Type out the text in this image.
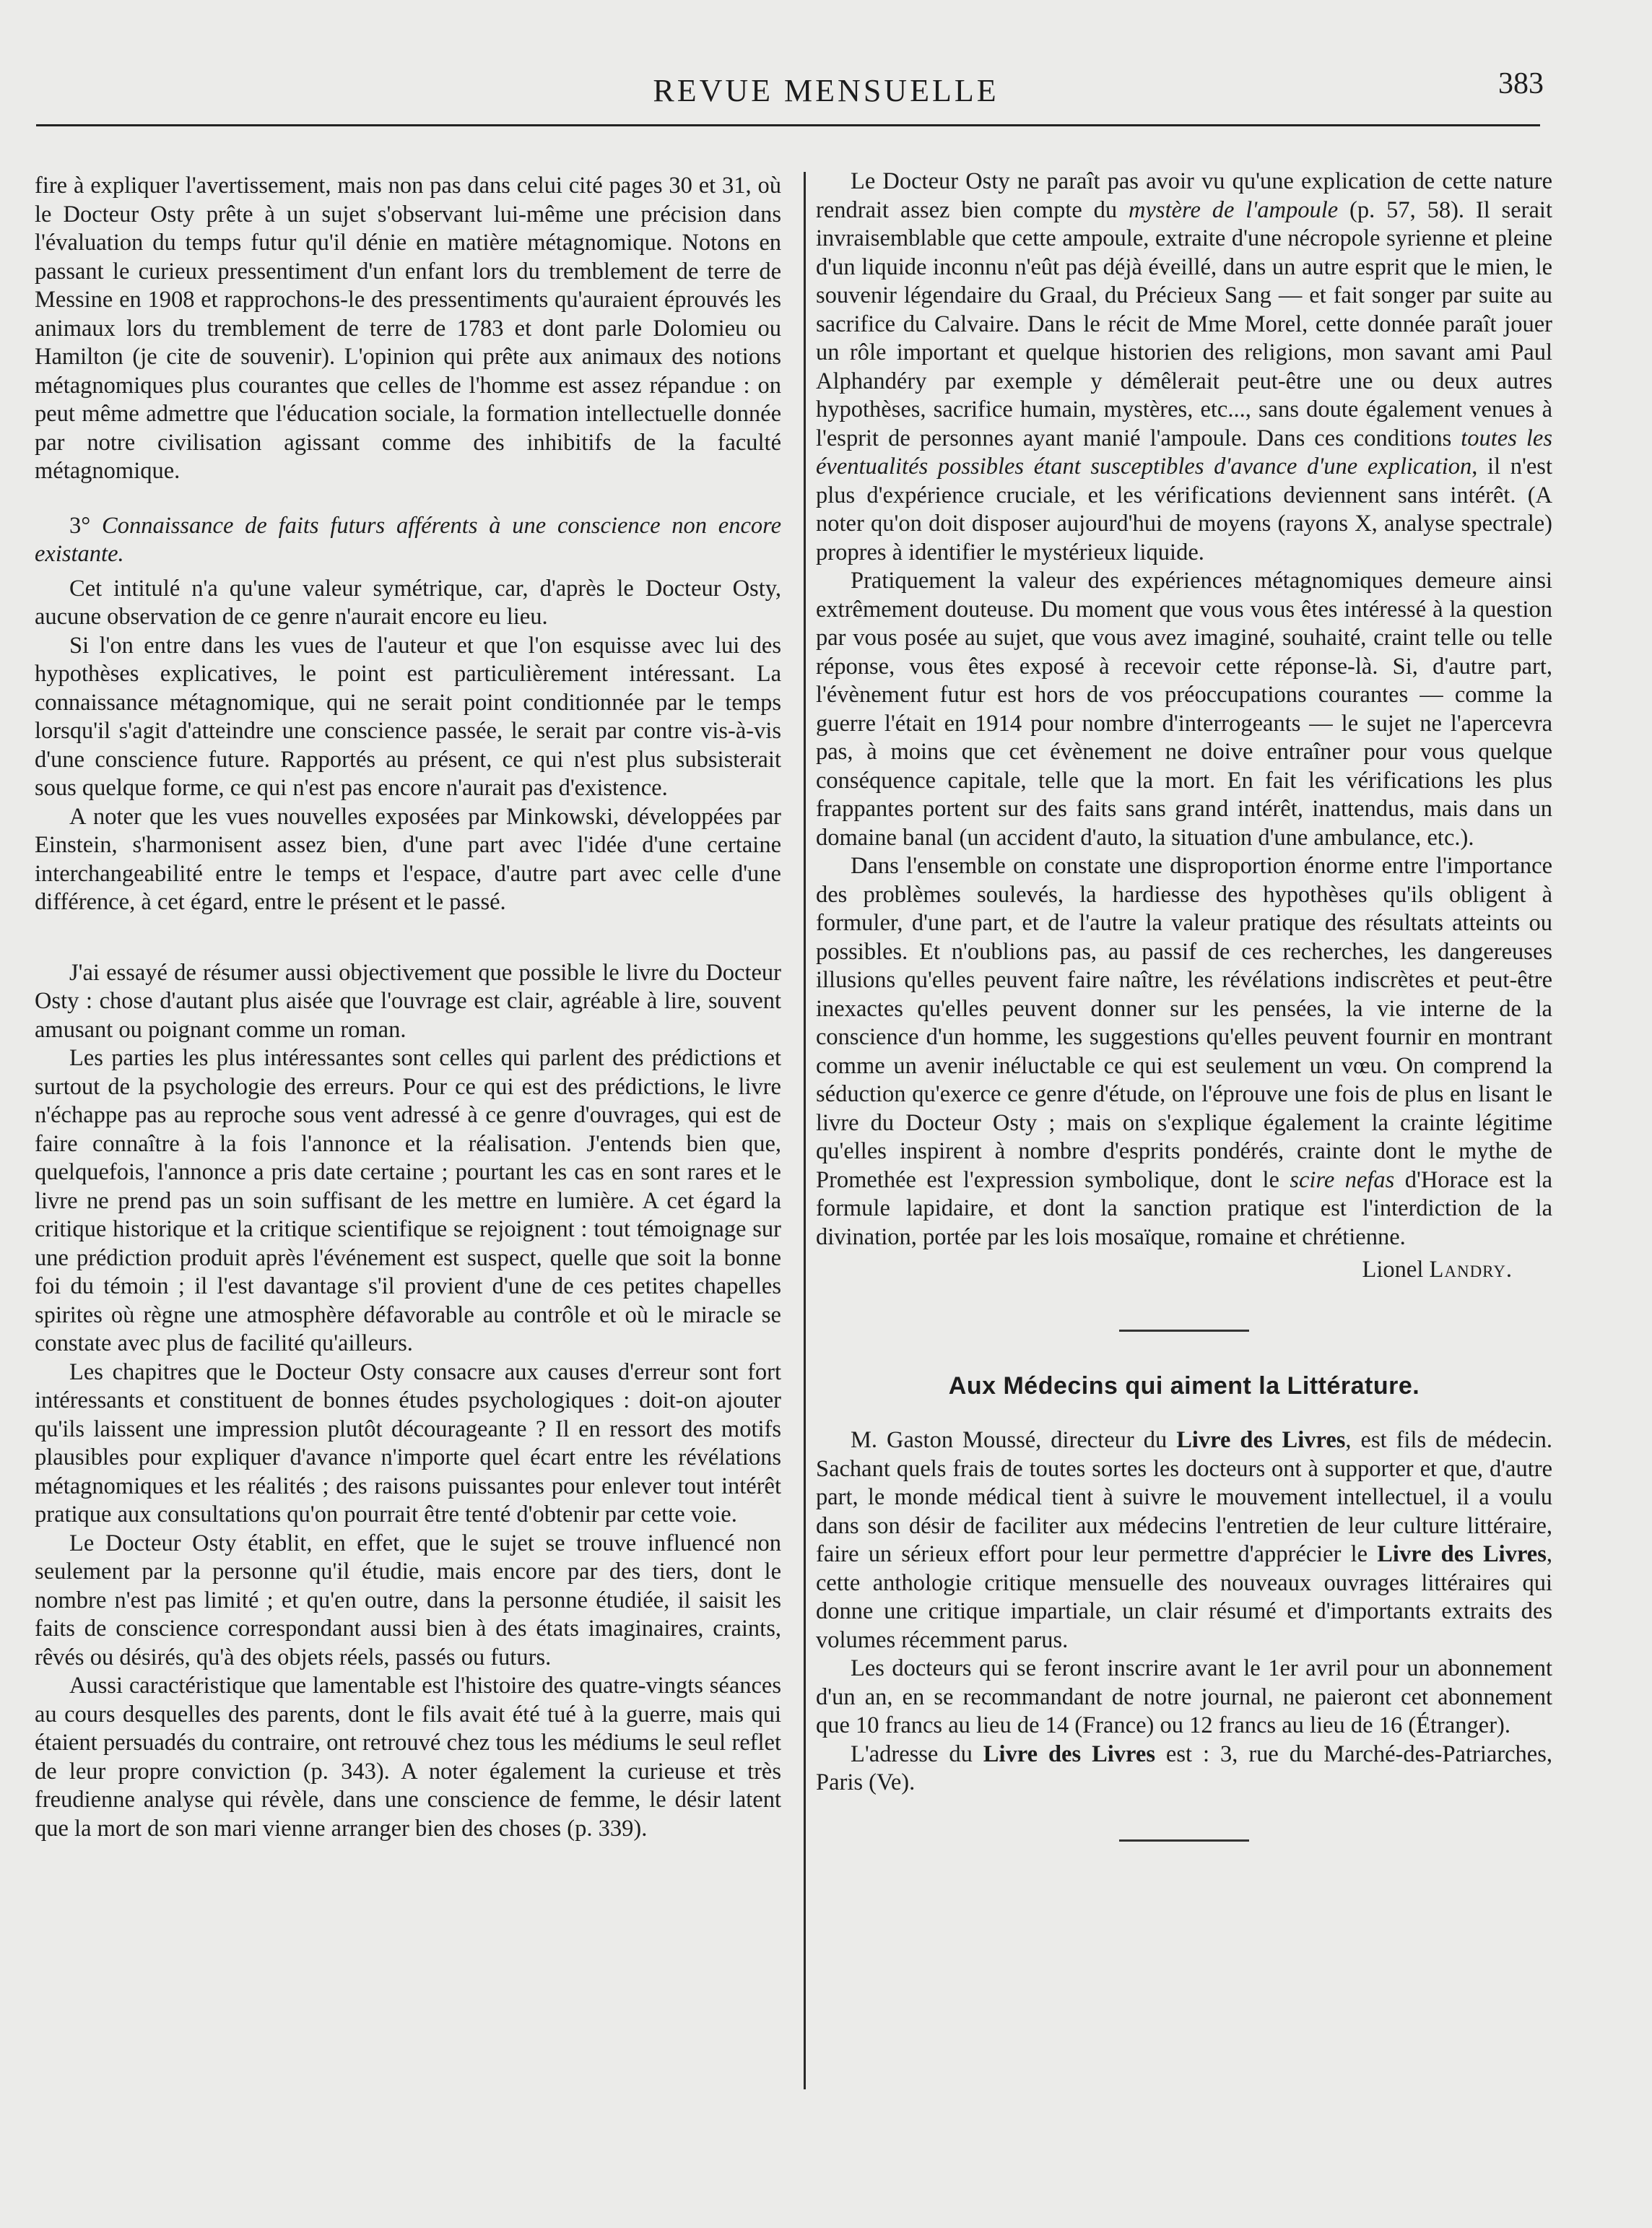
REVUE MENSUELLE	383

fire à expliquer l'avertissement, mais non pas dans celui cité pages 30 et 31, où le Docteur Osty prête à un sujet s'observant lui-même une précision dans l'évaluation du temps futur qu'il dénie en matière métagnomique. Notons en passant le curieux pressentiment d'un enfant lors du tremblement de terre de Messine en 1908 et rapprochons-le des pressentiments qu'auraient éprouvés les animaux lors du tremblement de terre de 1783 et dont parle Dolomieu ou Hamilton (je cite de souvenir). L'opinion qui prête aux animaux des notions métagnomiques plus courantes que celles de l'homme est assez répandue : on peut même admettre que l'éducation sociale, la formation intellectuelle donnée par notre civilisation agissant comme des inhibitifs de la faculté métagnomique.

3° Connaissance de faits futurs afférents à une conscience non encore existante.

Cet intitulé n'a qu'une valeur symétrique, car, d'après le Docteur Osty, aucune observation de ce genre n'aurait encore eu lieu.

Si l'on entre dans les vues de l'auteur et que l'on esquisse avec lui des hypothèses explicatives, le point est particulièrement intéressant. La connaissance métagnomique, qui ne serait point conditionnée par le temps lorsqu'il s'agit d'atteindre une conscience passée, le serait par contre vis-à-vis d'une conscience future. Rapportés au présent, ce qui n'est plus subsisterait sous quelque forme, ce qui n'est pas encore n'aurait pas d'existence.

A noter que les vues nouvelles exposées par Minkowski, développées par Einstein, s'harmonisent assez bien, d'une part avec l'idée d'une certaine interchangeabilité entre le temps et l'espace, d'autre part avec celle d'une différence, à cet égard, entre le présent et le passé.

J'ai essayé de résumer aussi objectivement que possible le livre du Docteur Osty : chose d'autant plus aisée que l'ouvrage est clair, agréable à lire, souvent amusant ou poignant comme un roman.

Les parties les plus intéressantes sont celles qui parlent des prédictions et surtout de la psychologie des erreurs. Pour ce qui est des prédictions, le livre n'échappe pas au reproche sous vent adressé à ce genre d'ouvrages, qui est de faire connaître à la fois l'annonce et la réalisation. J'entends bien que, quelquefois, l'annonce a pris date certaine ; pourtant les cas en sont rares et le livre ne prend pas un soin suffisant de les mettre en lumière. A cet égard la critique historique et la critique scientifique se rejoignent : tout témoignage sur une prédiction produit après l'événement est suspect, quelle que soit la bonne foi du témoin ; il l'est davantage s'il provient d'une de ces petites chapelles spirites où règne une atmosphère défavorable au contrôle et où le miracle se constate avec plus de facilité qu'ailleurs.

Les chapitres que le Docteur Osty consacre aux causes d'erreur sont fort intéressants et constituent de bonnes études psychologiques : doit-on ajouter qu'ils laissent une impression plutôt décourageante ? Il en ressort des motifs plausibles pour expliquer d'avance n'importe quel écart entre les révélations métagnomiques et les réalités ; des raisons puissantes pour enlever tout intérêt pratique aux consultations qu'on pourrait être tenté d'obtenir par cette voie.

Le Docteur Osty établit, en effet, que le sujet se trouve influencé non seulement par la personne qu'il étudie, mais encore par des tiers, dont le nombre n'est pas limité ; et qu'en outre, dans la personne étudiée, il saisit les faits de conscience correspondant aussi bien à des états imaginaires, craints, rêvés ou désirés, qu'à des objets réels, passés ou futurs.

Aussi caractéristique que lamentable est l'histoire des quatre-vingts séances au cours desquelles des parents, dont le fils avait été tué à la guerre, mais qui étaient persuadés du contraire, ont retrouvé chez tous les médiums le seul reflet de leur propre conviction (p. 343). A noter également la curieuse et très freudienne analyse qui révèle, dans une conscience de femme, le désir latent que la mort de son mari vienne arranger bien des choses (p. 339).

Le Docteur Osty ne paraît pas avoir vu qu'une explication de cette nature rendrait assez bien compte du mystère de l'ampoule (p. 57, 58). Il serait invraisemblable que cette ampoule, extraite d'une nécropole syrienne et pleine d'un liquide inconnu n'eût pas déjà éveillé, dans un autre esprit que le mien, le souvenir légendaire du Graal, du Précieux Sang — et fait songer par suite au sacrifice du Calvaire. Dans le récit de Mme Morel, cette donnée paraît jouer un rôle important et quelque historien des religions, mon savant ami Paul Alphandéry par exemple y démêlerait peut-être une ou deux autres hypothèses, sacrifice humain, mystères, etc..., sans doute également venues à l'esprit de personnes ayant manié l'ampoule. Dans ces conditions toutes les éventualités possibles étant susceptibles d'avance d'une explication, il n'est plus d'expérience cruciale, et les vérifications deviennent sans intérêt. (A noter qu'on doit disposer aujourd'hui de moyens (rayons X, analyse spectrale) propres à identifier le mystérieux liquide.

Pratiquement la valeur des expériences métagnomiques demeure ainsi extrêmement douteuse. Du moment que vous vous êtes intéressé à la question par vous posée au sujet, que vous avez imaginé, souhaité, craint telle ou telle réponse, vous êtes exposé à recevoir cette réponse-là. Si, d'autre part, l'évènement futur est hors de vos préoccupations courantes — comme la guerre l'était en 1914 pour nombre d'interrogeants — le sujet ne l'apercevra pas, à moins que cet évènement ne doive entraîner pour vous quelque conséquence capitale, telle que la mort. En fait les vérifications les plus frappantes portent sur des faits sans grand intérêt, inattendus, mais dans un domaine banal (un accident d'auto, la situation d'une ambulance, etc.).

Dans l'ensemble on constate une disproportion énorme entre l'importance des problèmes soulevés, la hardiesse des hypothèses qu'ils obligent à formuler, d'une part, et de l'autre la valeur pratique des résultats atteints ou possibles. Et n'oublions pas, au passif de ces recherches, les dangereuses illusions qu'elles peuvent faire naître, les révélations indiscrètes et peut-être inexactes qu'elles peuvent donner sur les pensées, la vie interne de la conscience d'un homme, les suggestions qu'elles peuvent fournir en montrant comme un avenir inéluctable ce qui est seulement un vœu. On comprend la séduction qu'exerce ce genre d'étude, on l'éprouve une fois de plus en lisant le livre du Docteur Osty ; mais on s'explique également la crainte légitime qu'elles inspirent à nombre d'esprits pondérés, crainte dont le mythe de Promethée est l'expression symbolique, dont le scire nefas d'Horace est la formule lapidaire, et dont la sanction pratique est l'interdiction de la divination, portée par les lois mosaïque, romaine et chrétienne.

Lionel Landry.
Aux Médecins qui aiment la Littérature.

M. Gaston Moussé, directeur du Livre des Livres, est fils de médecin. Sachant quels frais de toutes sortes les docteurs ont à supporter et que, d'autre part, le monde médical tient à suivre le mouvement intellectuel, il a voulu dans son désir de faciliter aux médecins l'entretien de leur culture littéraire, faire un sérieux effort pour leur permettre d'apprécier le Livre des Livres, cette anthologie critique mensuelle des nouveaux ouvrages littéraires qui donne une critique impartiale, un clair résumé et d'importants extraits des volumes récemment parus.

Les docteurs qui se feront inscrire avant le 1er avril pour un abonnement d'un an, en se recommandant de notre journal, ne paieront cet abonnement que 10 francs au lieu de 14 (France) ou 12 francs au lieu de 16 (Étranger).

L'adresse du Livre des Livres est : 3, rue du Marché-des-Patriarches, Paris (Ve).
